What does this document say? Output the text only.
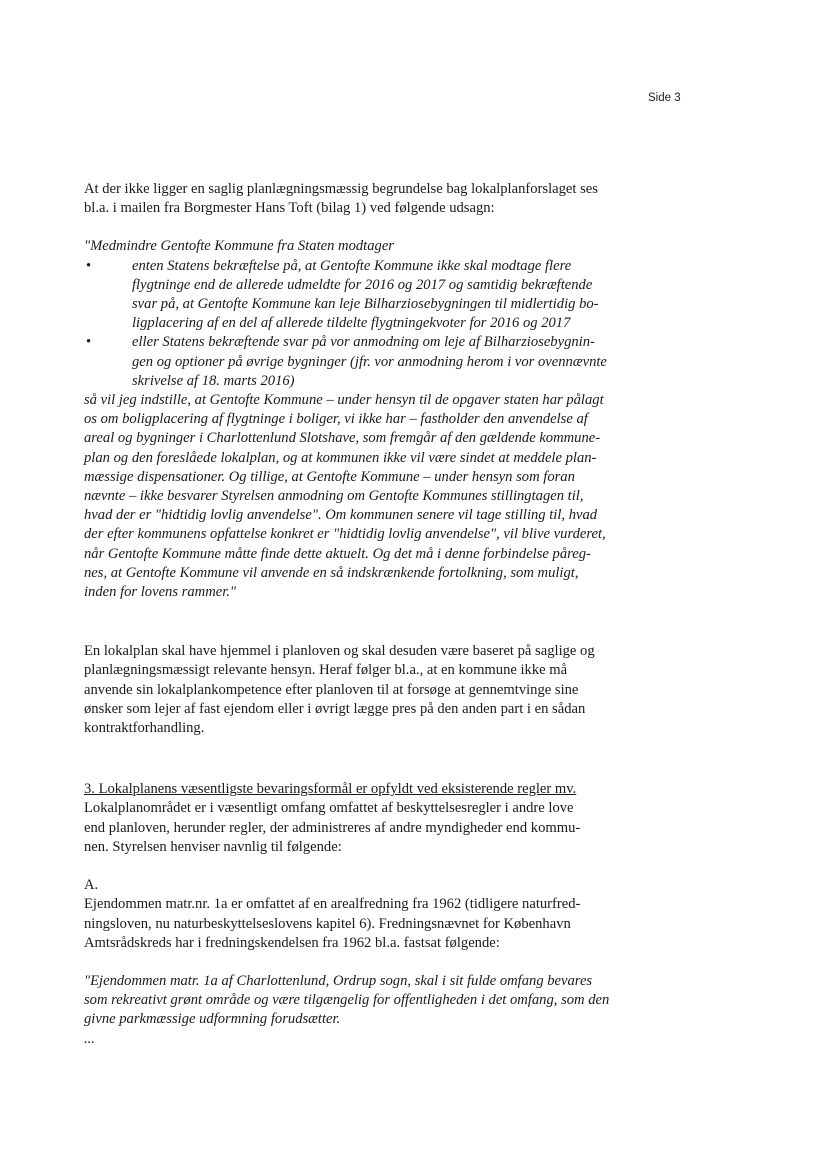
Side 3

At der ikke ligger en saglig planlægningsmæssig begrundelse bag lokalplanforslaget ses
bl.a. i mailen fra Borgmester Hans Toft (bilag 1) ved følgende udsagn:

"Medmindre Gentofte Kommune fra Staten modtager
•	enten Statens bekræftelse på, at Gentofte Kommune ikke skal modtage flere
flygtninge end de allerede udmeldte for 2016 og 2017 og samtidig bekræftende
svar på, at Gentofte Kommune kan leje Bilharziosebygningen til midlertidig bo-
ligplacering af en del af allerede tildelte flygtningekvoter for 2016 og 2017
•	eller Statens bekræftende svar på vor anmodning om leje af Bilharziosebygnin-
gen og optioner på øvrige bygninger (jfr. vor anmodning herom i vor ovennævnte
skrivelse af 18. marts 2016)
så vil jeg indstille, at Gentofte Kommune – under hensyn til de opgaver staten har pålagt
os om boligplacering af flygtninge i boliger, vi ikke har – fastholder den anvendelse af
areal og bygninger i Charlottenlund Slotshave, som fremgår af den gældende kommune-
plan og den foreslåede lokalplan, og at kommunen ikke vil være sindet at meddele plan-
mæssige dispensationer. Og tillige, at Gentofte Kommune – under hensyn som foran
nævnte – ikke besvarer Styrelsen anmodning om Gentofte Kommunes stillingtagen til,
hvad der er "hidtidig lovlig anvendelse". Om kommunen senere vil tage stilling til, hvad
der efter kommunens opfattelse konkret er "hidtidig lovlig anvendelse", vil blive vurderet,
når Gentofte Kommune måtte finde dette aktuelt. Og det må i denne forbindelse påreg-
nes, at Gentofte Kommune vil anvende en så indskrænkende fortolkning, som muligt,
inden for lovens rammer."

En lokalplan skal have hjemmel i planloven og skal desuden være baseret på saglige og
planlægningsmæssigt relevante hensyn. Heraf følger bl.a., at en kommune ikke må
anvende sin lokalplankompetence efter planloven til at forsøge at gennemtvinge sine
ønsker som lejer af fast ejendom eller i øvrigt lægge pres på den anden part i en sådan
kontraktforhandling.

3. Lokalplanens væsentligste bevaringsformål er opfyldt ved eksisterende regler mv.
Lokalplanområdet er i væsentligt omfang omfattet af beskyttelsesregler i andre love
end planloven, herunder regler, der administreres af andre myndigheder end kommu-
nen. Styrelsen henviser navnlig til følgende:
A.
Ejendommen matr.nr. 1a er omfattet af en arealfredning fra 1962 (tidligere naturfred-
ningsloven, nu naturbeskyttelseslovens kapitel 6). Fredningsnævnet for København
Amtsrådskreds har i fredningskendelsen fra 1962 bl.a. fastsat følgende:
"Ejendommen matr. 1a af Charlottenlund, Ordrup sogn, skal i sit fulde omfang bevares
som rekreativt grønt område og være tilgængelig for offentligheden i det omfang, som den
givne parkmæssige udformning forudsætter.
...
